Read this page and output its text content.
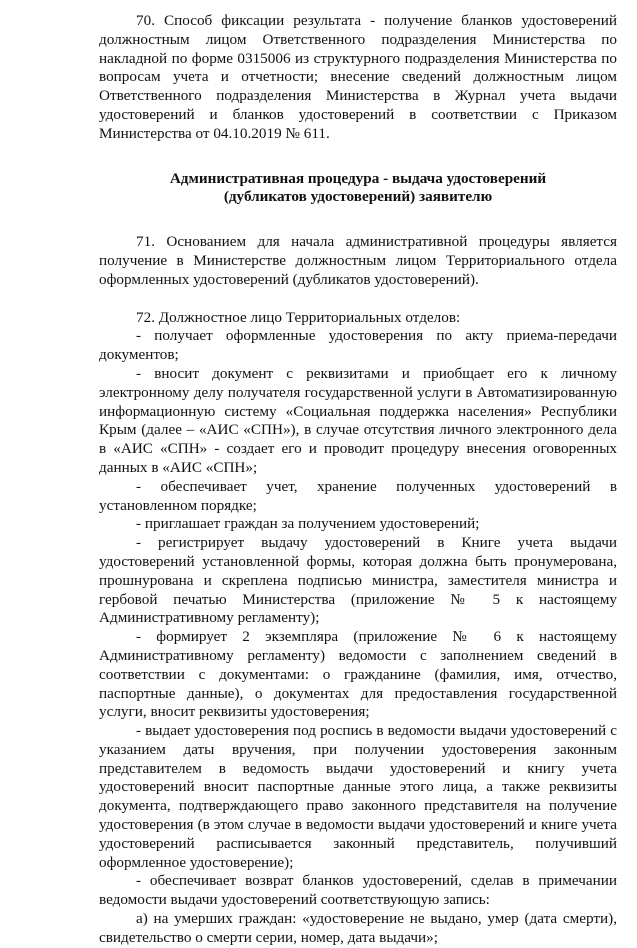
70. Способ фиксации результата - получение бланков удостоверений должностным лицом Ответственного подразделения Министерства по накладной по форме 0315006 из структурного подразделения Министерства по вопросам учета и отчетности; внесение сведений должностным лицом Ответственного подразделения Министерства в Журнал учета выдачи удостоверений и бланков удостоверений в соответствии с Приказом Министерства от 04.10.2019 № 611.

Административная процедура - выдача удостоверений

(дубликатов удостоверений) заявителю

71. Основанием для начала административной процедуры является получение в Министерстве должностным лицом Территориального отдела оформленных удостоверений (дубликатов удостоверений).

72. Должностное лицо Территориальных отделов:

- получает оформленные удостоверения по акту приема-передачи документов;

- вносит документ с реквизитами и приобщает его к личному электронному делу получателя государственной услуги в Автоматизированную информационную систему «Социальная поддержка населения» Республики Крым (далее – «АИС «СПН»), в случае отсутствия личного электронного дела в «АИС «СПН» - создает его и проводит процедуру внесения оговоренных данных в «АИС «СПН»;

- обеспечивает учет, хранение полученных удостоверений в установленном порядке;

- приглашает граждан за получением удостоверений;

- регистрирует выдачу удостоверений в Книге учета выдачи удостоверений установленной формы, которая должна быть пронумерована, прошнурована и скреплена подписью министра, заместителя министра и гербовой печатью Министерства (приложение № 5 к настоящему Административному регламенту);

- формирует 2 экземпляра (приложение № 6 к настоящему Административному регламенту) ведомости с заполнением сведений в соответствии с документами: о гражданине (фамилия, имя, отчество, паспортные данные), о документах для предоставления государственной услуги, вносит реквизиты удостоверения;

- выдает удостоверения под роспись в ведомости выдачи удостоверений с указанием даты вручения, при получении удостоверения законным представителем в ведомость выдачи удостоверений и книгу учета удостоверений вносит паспортные данные этого лица, а также реквизиты документа, подтверждающего право законного представителя на получение удостоверения (в этом случае в ведомости выдачи удостоверений и книге учета удостоверений расписывается законный представитель, получивший оформленное удостоверение);

- обеспечивает возврат бланков удостоверений, сделав в примечании ведомости выдачи удостоверений соответствующую запись:

а) на умерших граждан: «удостоверение не выдано, умер (дата смерти), свидетельство о смерти серии, номер, дата выдачи»;
